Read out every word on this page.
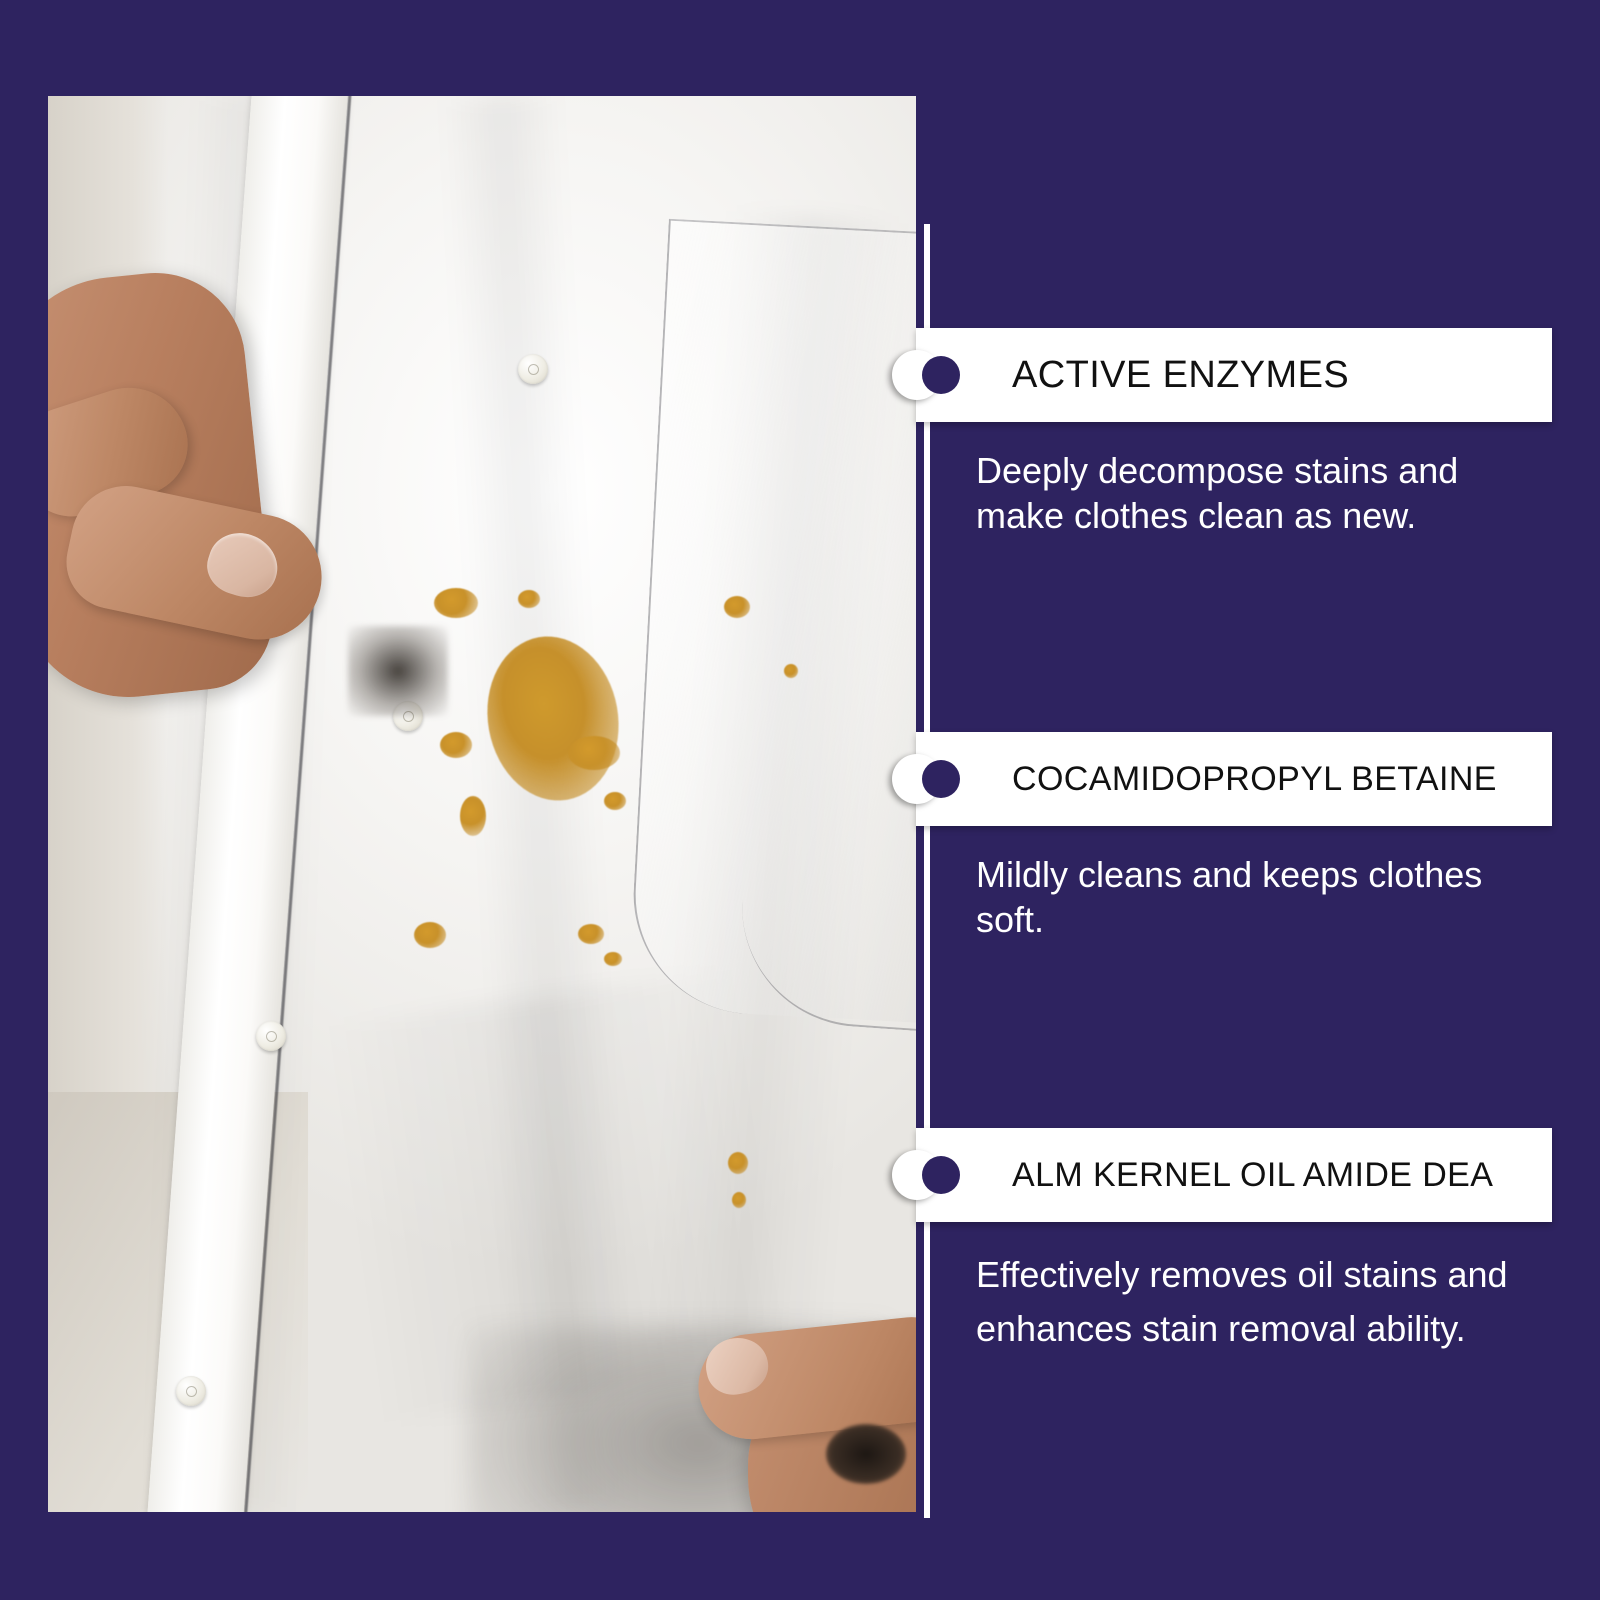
ACTIVE ENZYMES
Deeply decompose stains and make clothes clean as new.
COCAMIDOPROPYL BETAINE
Mildly cleans and keeps clothes soft.
ALM KERNEL OIL AMIDE DEA
Effectively removes oil stains and enhances stain removal ability.
